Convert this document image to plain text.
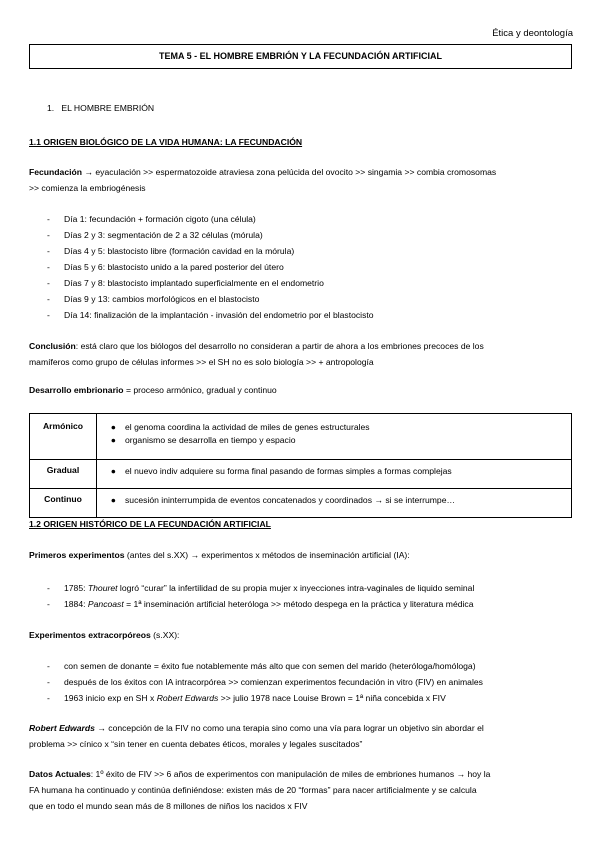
Ética y deontología
TEMA 5 - EL HOMBRE EMBRIÓN Y LA FECUNDACIÓN ARTIFICIAL
1. EL HOMBRE EMBRIÓN
1.1 ORIGEN BIOLÓGICO DE LA VIDA HUMANA: LA FECUNDACIÓN
Fecundación → eyaculación >> espermatozoide atraviesa zona pelúcida del ovocito >> singamia >> combia cromosomas
>> comienza la embriogénesis
- Día 1: fecundación + formación cigoto (una célula)
- Días 2 y 3: segmentación de 2 a 32 células (mórula)
- Días 4 y 5: blastocisto libre (formación cavidad en la mórula)
- Días 5 y 6: blastocisto unido a la pared posterior del útero
- Días 7 y 8: blastocisto implantado superficialmente en el endometrio
- Días 9 y 13: cambios morfológicos en el blastocisto
- Día 14: finalización de la implantación - invasión del endometrio por el blastocisto
Conclusión: está claro que los biólogos del desarrollo no consideran a partir de ahora a los embriones precoces de los
mamíferos como grupo de células informes >> el SH no es solo biología >> + antropología
Desarrollo embrionario = proceso armónico, gradual y continuo
Armónico	● el genoma coordina la actividad de miles de genes estructurales
● organismo se desarrolla en tiempo y espacio

Gradual	● el nuevo indiv adquiere su forma final pasando de formas simples a formas complejas

Continuo	● sucesión ininterrumpida de eventos concatenados y coordinados → si se interrumpe…
1.2 ORIGEN HISTÓRICO DE LA FECUNDACIÓN ARTIFICIAL
Primeros experimentos (antes del s.XX) → experimentos x métodos de inseminación artificial (IA):
- 1785: Thouret logró “curar” la infertilidad de su propia mujer x inyecciones intra-vaginales de liquido seminal
- 1884: Pancoast = 1ª inseminación artificial heteróloga >> método despega en la práctica y literatura médica
Experimentos extracorpóreos (s.XX):
- con semen de donante = éxito fue notablemente más alto que con semen del marido (heteróloga/homóloga)
- después de los éxitos con IA intracorpórea >> comienzan experimentos fecundación in vitro (FIV) en animales
- 1963 inicio exp en SH x Robert Edwards >> julio 1978 nace Louise Brown = 1ª niña concebida x FIV
Robert Edwards → concepción de la FIV no como una terapia sino como una vía para lograr un objetivo sin abordar el
problema >> cínico x “sin tener en cuenta debates éticos, morales y legales suscitados”
Datos Actuales: 1º éxito de FIV >> 6 años de experimentos con manipulación de miles de embriones humanos → hoy la
FA humana ha continuado y continúa definiéndose: existen más de 20 “formas” para nacer artificialmente y se calcula
que en todo el mundo sean más de 8 millones de niños los nacidos x FIV
